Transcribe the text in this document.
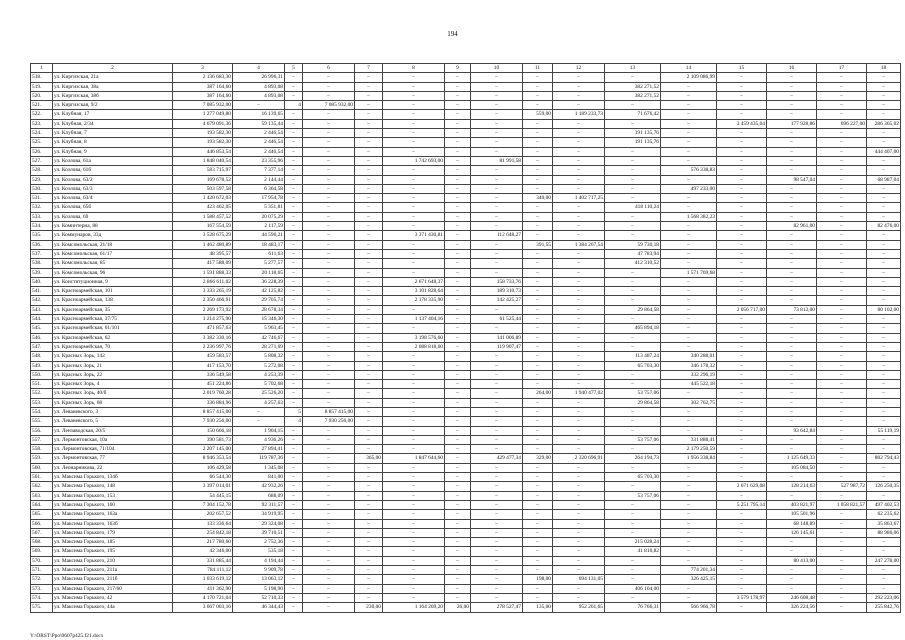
194
1	2	3	4	5	6	7	8	9	10	11	12	13	14	15	16	17	18
518.	ул. Киргизская, 21а	2 136 683,30	26 996,31	–	–	–	–	–	–	–	–	–	2 109 086,99	–	–	–	–
519.	ул. Киргизская, 38а	387 164,60	4 893,08	–	–	–	–	–	–	–	–	382 271,52	–	–	–	–	–
520.	ул. Киргизская, 38б	387 164,60	4 893,08	–	–	–	–	–	–	–	–	382 271,52	–	–	–	–	–
521.	ул. Киргизская, 9/2	7 085 932,00	–	4	7 085 932,00	–	–	–	–	–	–	–	–	–	–	–	–
522.	ул. Клубная, 17	1 277 049,80	16 139,65	–	–	–	–	–	–	559,00	1 189 233,73	71 676,42	–	–	–	–	–
523.	ул. Клубная, 2/34	4 679 091,36	59 135,44	–	–	–	–	–	–	–	–	–	–	3 459 435,04	177 928,86	696 227,00	286 365,02
524.	ул. Клубная, 7	193 582,30	2 446,54	–	–	–	–	–	–	–	–	191 135,76	–	–	–	–	–
525.	ул. Клубная, 8	193 582,30	2 446,54	–	–	–	–	–	–	–	–	191 135,76	–	–	–	–	–
526.	ул. Клубная, 9	446 853,54	2 446,54	–	–	–	–	–	–	–	–	–	–	–	–	–	444 407,00
527.	ул. Козлова, 61а	1 848 040,54	23 355,96	–	–	–	1 742 693,00	–	81 991,58	–	–	–	–	–	–	–	–
528.	ул. Козлова, 61б	583 715,97	7 377,14	–	–	–	–	–	–	–	–	–	576 338,83	–	–	–	–
529.	ул. Козлова, 63/2	169 678,52	2 144,44	–	–	–	–	–	–	–	–	–	–	–	98 547,04	–	68 987,04
530.	ул. Козлова, 63/3	503 597,58	6 364,58	–	–	–	–	–	–	–	–	–	497 233,00	–	–	–	–
531.	ул. Козлова, 63/4	1 420 672,03	17 954,78	–	–	–	–	–	–	340,00	1 402 717,25	–	–	–	–	–	–
532.	ул. Козлова, 65б	423 462,05	5 351,81	–	–	–	–	–	–	–	–	418 110,24	–	–	–	–	–
533.	ул. Козлова, 69	1 588 457,52	20 075,29	–	–	–	–	–	–	–	–	–	1 568 382,23	–	–	–	–
534.	ул. Коминтерна, 88	167 554,59	2 117,59	–	–	–	–	–	–	–	–	–	–	–	82 961,00	–	82 476,00
535.	ул. Коммунаров, 33д	3 528 675,29	44 596,21	–	–	–	3 371 430,81	–	112 648,27	–	–	–	–	–	–	–	–
536.	ул. Комсомольская, 21/18	1 462 480,89	18 483,17	–	–	–	–	–	–	391,55	1 384 267,54	59 730,18	–	–	–	–	–
537.	ул. Комсомольская, 61/17	48 395,57	611,63	–	–	–	–	–	–	–	–	47 783,94	–	–	–	–	–
538.	ул. Комсомольская, 85	417 588,09	5 277,57	–	–	–	–	–	–	–	–	412 310,52	–	–	–	–	–
539.	ул. Комсомольская, 96	1 591 888,33	20 118,65	–	–	–	–	–	–	–	–	–	1 571 769,68	–	–	–	–
540.	ул. Конституционная, 9	2 866 611,02	36 228,39	–	–	–	2 671 648,37	–	158 733,76	–	–	–	–	–	–	–	–
541.	ул. Красноармейская, 101	3 333 265,19	42 125,82	–	–	–	3 101 828,64	–	189 310,73	–	–	–	–	–	–	–	–
542.	ул. Красноармейская, 138	2 350 466,91	29 705,74	–	–	–	2 178 335,90	–	142 425,27	–	–	–	–	–	–	–	–
543.	ул. Красноармейская, 35	2 269 173,92	28 678,34	–	–	–	–	–	–	–	–	29 864,58	–	2 056 717,00	73 812,00	–	80 102,00
544.	ул. Красноармейская, 37/75	1 214 275,90	15 346,30	–	–	–	1 137 404,16	–	61 525,44	–	–	–	–	–	–	–	–
545.	ул. Красноармейская, 61/101	471 857,63	5 963,45	–	–	–	–	–	–	–	–	465 894,18	–	–	–	–	–
546.	ул. Красноармейская, 62	3 382 330,16	42 746,67	–	–	–	3 198 576,60	–	141 006,89	–	–	–	–	–	–	–	–
547.	ул. Красноармейская, 70	2 236 997,76	28 271,69	–	–	–	2 088 818,60	–	119 907,47	–	–	–	–	–	–	–	–
548.	ул. Красных Зорь, 142	459 583,57	5 808,32	–	–	–	–	–	–	–	–	113 487,24	340 288,01	–	–	–	–
549.	ул. Красных Зорь, 21	417 153,70	5 272,08	–	–	–	–	–	–	–	–	65 703,30	346 178,32	–	–	–	–
550.	ул. Красных Зорь, 22	336 549,58	4 253,39	–	–	–	–	–	–	–	–	–	332 296,19	–	–	–	–
551.	ул. Красных Зорь, 4	451 224,86	5 702,68	–	–	–	–	–	–	–	–	–	445 522,18	–	–	–	–
552.	ул. Красных Зорь, 40/б	2 019 760,28	25 526,20	–	–	–	–	–	–	264,00	1 940 477,02	53 757,06	–	–	–	–	–
553.	ул. Красных Зорь, 68	336 884,96	4 257,63	–	–	–	–	–	–	–	–	29 864,58	302 762,75	–	–	–	–
554.	ул. Леваневского, 3	8 857 415,00	–	5	8 857 415,00	–	–	–	–	–	–	–	–	–	–	–	–
555.	ул. Леваневского, 5	7 930 256,00	–	4	7 930 256,00	–	–	–	–	–	–	–	–	–	–	–	–
556.	ул. Лензаводская, 20/5	150 666,18	1 904,15	–	–	–	–	–	–	–	–	–	–	–	93 642,84	–	55 119,19
557.	ул. Лермонтовская, 10а	390 581,73	4 936,26	–	–	–	–	–	–	–	–	53 757,06	331 888,41	–	–	–	–
558.	ул. Лермонтовская, 71/104	2 207 145,00	27 894,41	–	–	–	–	–	–	–	–	–	2 179 250,59	–	–	–	–
559.	ул. Лермонтовская, 77	8 946 353,54	119 787,36	–	–	365,00	1 847 644,60	–	429 477,34	329,00	2 320 696,91	264 194,73	1 956 338,84	–	1 125 649,33	–	882 794,43
560.	ул. Леонарникова, 22	106 429,58	1 345,08	–	–	–	–	–	–	–	–	–	–	–	105 084,50	–	–
561.	ул. Максима Горького, 134б	66 544,30	841,00	–	–	–	–	–	–	–	–	65 703,30	–	–	–	–	–
562.	ул. Максима Горького, 148	3 397 014,01	42 932,26	–	–	–	–	–	–	–	–	–	–	2 671 629,08	128 214,63	527 987,72	126 250,35
563.	ул. Максима Горького, 153	54 445,15	688,09	–	–	–	–	–	–	–	–	53 757,06	–	–	–	–	–
564.	ул. Максима Горького, 160	7 304 152,78	92 311,57	–	–	–	–	–	–	–	–	–	–	5 251 795,14	403 821,97	1 058 821,57	497 402,53
565.	ул. Максима Горького, 163а	202 657,52	34 919,95	–	–	–	–	–	–	–	–	–	–	–	105 501,96	–	62 235,62
566.	ул. Максима Горького, 163б	133 336,64	29 324,08	–	–	–	–	–	–	–	–	–	–	–	68 148,89	–	35 863,67
567.	ул. Максима Горького, 179	254 842,18	39 710,51	–	–	–	–	–	–	–	–	–	–	–	126 145,61	–	88 986,06
568.	ул. Максима Горького, 185	217 780,60	2 752,36	–	–	–	–	–	–	–	–	215 028,24	–	–	–	–	–
569.	ул. Максима Горького, 195	42 346,00	535,18	–	–	–	–	–	–	–	–	41 810,82	–	–	–	–	–
570.	ул. Максима Горького, 210	331 885,44	4 194,44	–	–	–	–	–	–	–	–	–	–	–	80 413,00	–	247 278,00
571.	ул. Максима Горького, 211а	784 111,12	9 909,78	–	–	–	–	–	–	–	–	–	774 201,34	–	–	–	–
572.	ул. Максима Горького, 211б	1 033 619,12	13 063,12	–	–	–	–	–	–	198,00	694 131,05	–	326 425,15	–	–	–	–
573.	ул. Максима Горького, 217/60	411 362,90	5 198,90	–	–	–	–	–	–	–	–	406 164,00	–	–	–	–	–
574.	ул. Максима Горького, 42	4 170 721,04	52 710,33	–	–	–	–	–	–	–	–	–	–	3 579 178,97	246 608,48	–	292 223,06
575.	ул. Максима Горького, 44а	3 667 003,16	46 344,43	–	–	230,00	1 164 269,20	26,00	278 527,47	135,00	952 261,65	76 766,31	566 966,78	–	326 224,56	–	255 842,76
Y:\ORST\Ppo\0607p425.f21.docx
